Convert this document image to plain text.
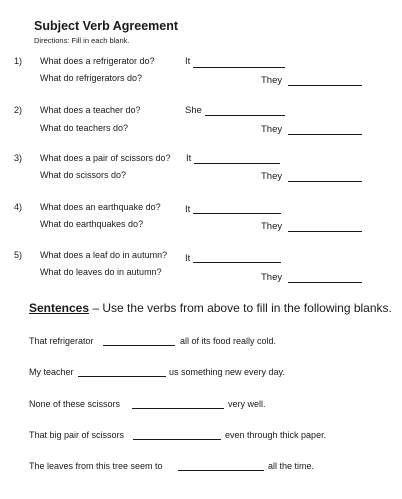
Subject Verb Agreement
Directions: Fill in each blank.
1) What does a refrigerator do?	It
What do refrigerators do?	They
2) What does a teacher do?	She
What do teachers do?	They
3) What does a pair of scissors do? It
What do scissors do?	They
4) What does an earthquake do?	It
What do earthquakes do?	They
5) What does a leaf do in autumn? It
What do leaves do in autumn?	They
Sentences – Use the verbs from above to fill in the following blanks.
That refrigerator	all of its food really cold.
My teacher	us something new every day.
None of these scissors	very well.
That big pair of scissors	even through thick paper.
The leaves from this tree seem to	all the time.
